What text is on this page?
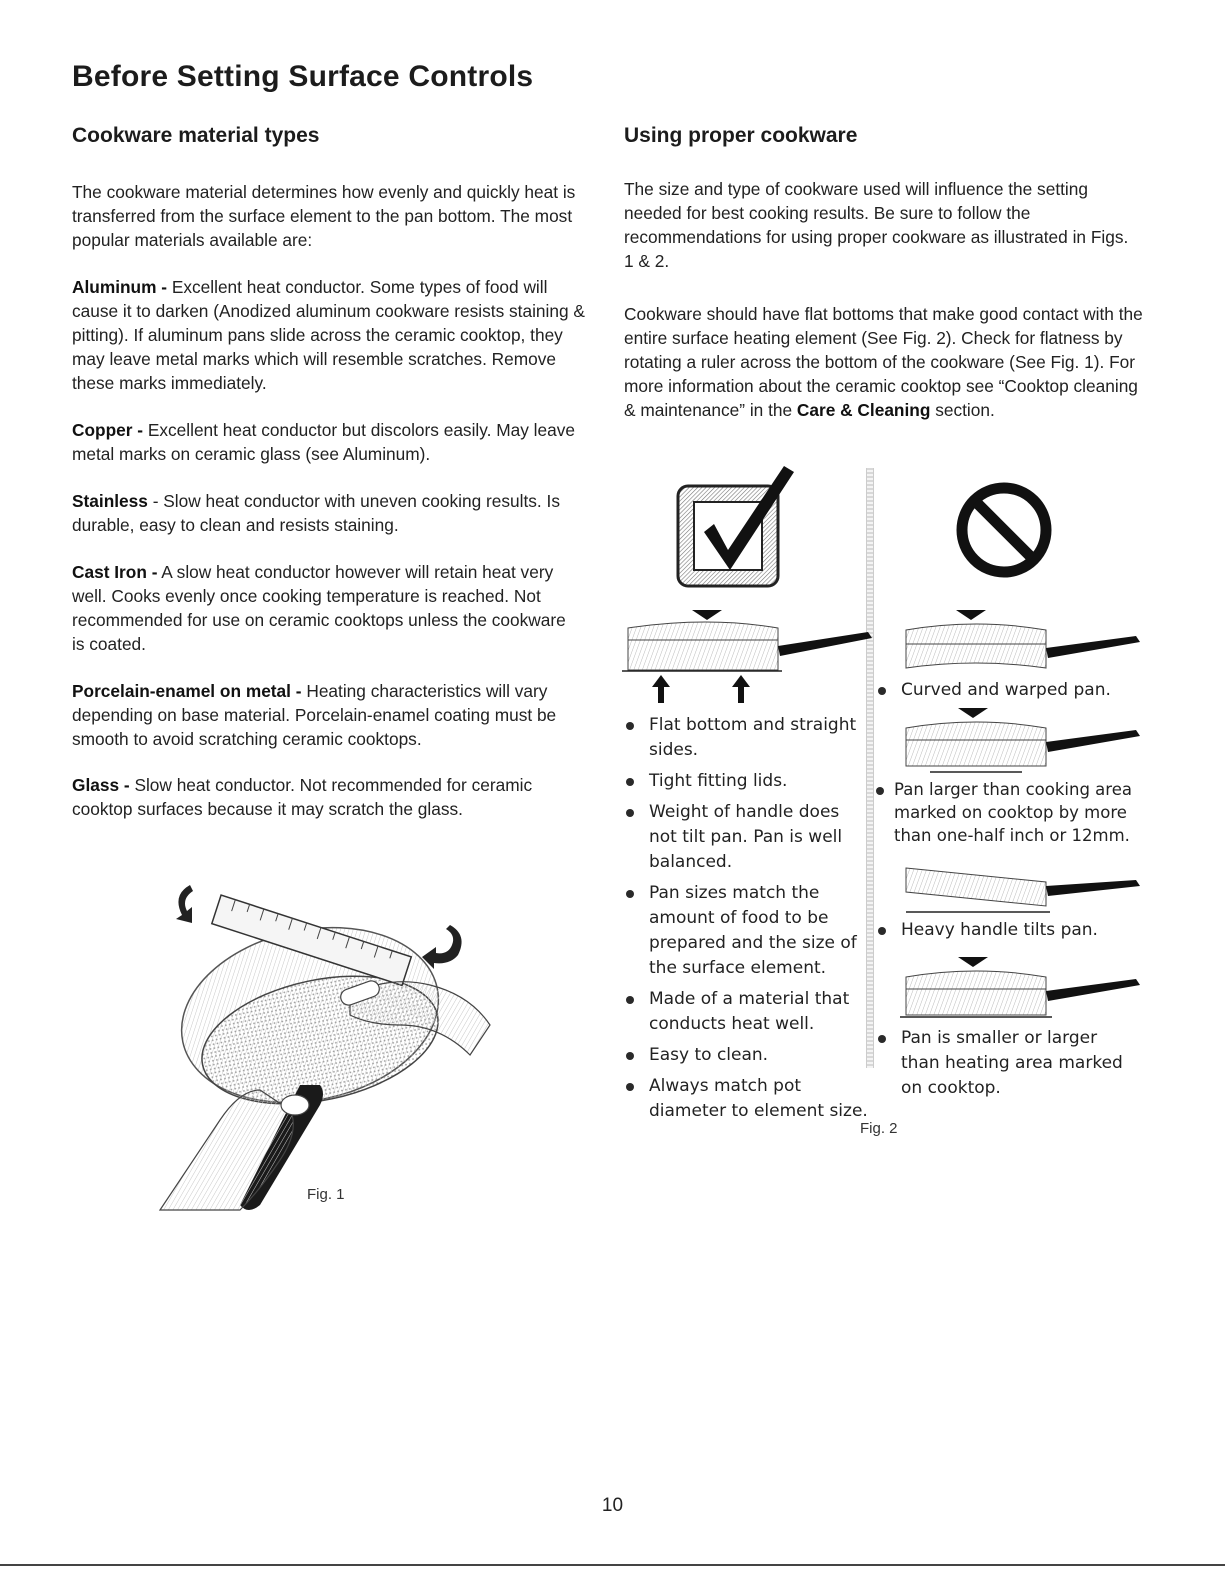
Before Setting Surface Controls
Cookware material types

The cookware material determines how evenly and quickly heat is transferred from the surface element to the pan bottom. The most popular materials available are:

Aluminum - Excellent heat conductor. Some types of food will cause it to darken (Anodized aluminum cookware resists staining & pitting). If aluminum pans slide across the ceramic cooktop, they may leave metal marks which will resemble scratches. Remove these marks immediately.

Copper - Excellent heat conductor but discolors easily. May leave metal marks on ceramic glass (see Aluminum).

Stainless - Slow heat conductor with uneven cooking results. Is durable, easy to clean and resists staining.

Cast Iron - A slow heat conductor however will retain heat very well. Cooks evenly once cooking temperature is reached. Not recommended for use on ceramic cooktops unless the cookware is coated.

Porcelain-enamel on metal - Heating characteristics will vary depending on base material. Porcelain-enamel coating must be smooth to avoid scratching ceramic cooktops.

Glass - Slow heat conductor. Not recommended for ceramic cooktop surfaces because it may scratch the glass.

Fig. 1
Using proper cookware

The size and type of cookware used will influence the setting needed for best cooking results. Be sure to follow the recommendations for using proper cookware as illustrated in Figs. 1 & 2.

Cookware should have flat bottoms that make good contact with the entire surface heating element (See Fig. 2). Check for flatness by rotating a ruler across the bottom of the cookware (See Fig. 1). For more information about the ceramic cooktop see “Cooktop cleaning & maintenance” in the Care & Cleaning section.

Flat bottom and straight sides.
Tight fitting lids.
Weight of handle does not tilt pan. Pan is well balanced.
Pan sizes match the amount of food to be prepared and the size of the surface element.
Made of a material that conducts heat well.
Easy to clean.
Always match pot diameter to element size.
Curved and warped pan.
Pan larger than cooking area marked on cooktop by more than one-half inch or 12mm.
Heavy handle tilts pan.
Pan is smaller or larger than heating area marked on cooktop.
Fig. 2
10
